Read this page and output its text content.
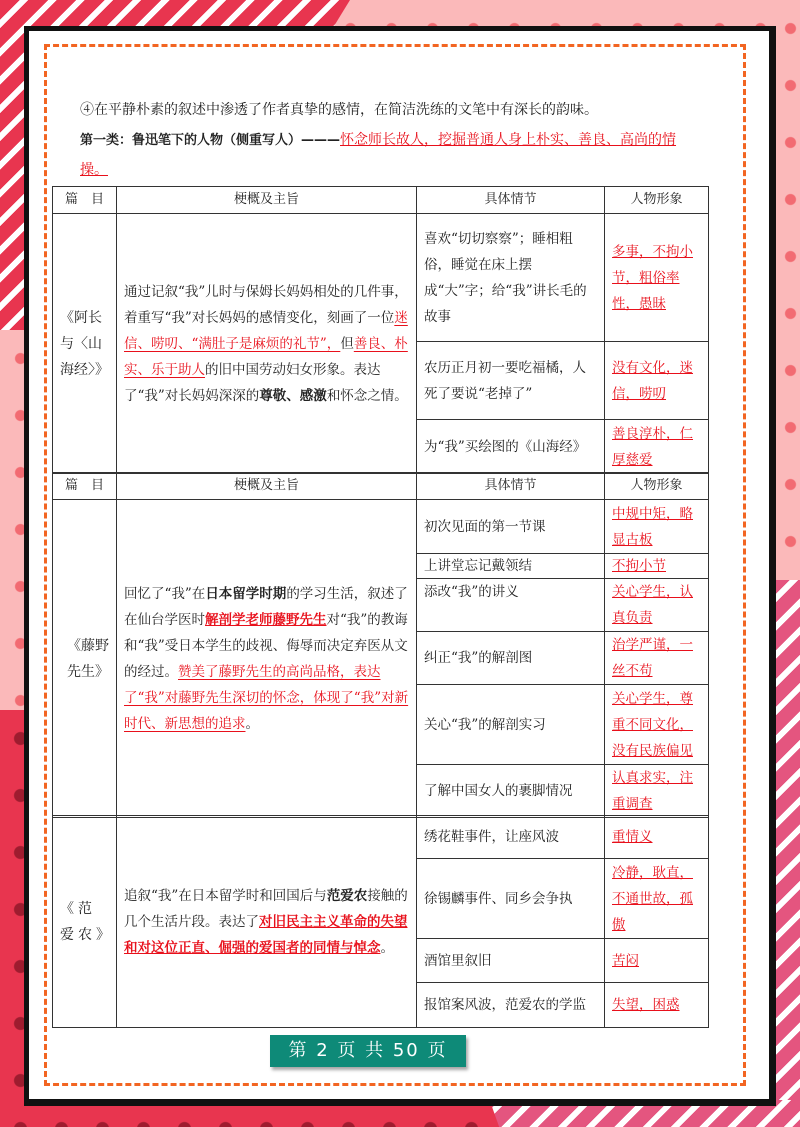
④在平静朴素的叙述中渗透了作者真挚的感情，在简洁洗练的文笔中有深长的韵味。
第一类：鲁迅笔下的人物（侧重写人）———怀念师长故人，挖掘普通人身上朴实、善良、高尚的情
操。
篇　目	梗概及主旨	具体情节	人物形象
《阿长与〈山海经〉》	通过记叙“我”儿时与保姆长妈妈相处的几件事，着重写“我”对长妈妈的感情变化，刻画了一位迷信、唠叨、“满肚子是麻烦的礼节”，但善良、朴实、乐于助人的旧中国劳动妇女形象。表达了“我”对长妈妈深深的尊敬、感激和怀念之情。	喜欢“切切察察”；睡相粗俗，睡觉在床上摆成“大”字；给“我”讲长毛的故事	多事，不拘小节，粗俗率性，愚昧
		农历正月初一要吃福橘，人死了要说“老掉了”	没有文化，迷信，唠叨
		为“我”买绘图的《山海经》	善良淳朴，仁厚慈爱
篇　目	梗概及主旨	具体情节	人物形象
《藤野先生》	回忆了“我”在日本留学时期的学习生活，叙述了在仙台学医时解剖学老师藤野先生对“我”的教诲和“我”受日本学生的歧视、侮辱而决定弃医从文的经过。赞美了藤野先生的高尚品格，表达了“我”对藤野先生深切的怀念，体现了“我”对新时代、新思想的追求。	初次见面的第一节课	中规中矩，略显古板
		上讲堂忘记戴领结	不拘小节
		添改“我”的讲义	关心学生，认真负责
		纠正“我”的解剖图	治学严谨，一丝不苟
		关心“我”的解剖实习	关心学生，尊重不同文化，没有民族偏见
		了解中国女人的裹脚情况	认真求实，注重调查
《范爱农》	追叙“我”在日本留学时和回国后与范爱农接触的几个生活片段。表达了对旧民主主义革命的失望和对这位正直、倔强的爱国者的同情与悼念。	绣花鞋事件，让座风波	重情义
		徐锡麟事件、同乡会争执	冷静，耿直，不通世故，孤傲
		酒馆里叙旧	苦闷
		报馆案风波，范爱农的学监	失望，困惑
第 2 页 共 50 页
